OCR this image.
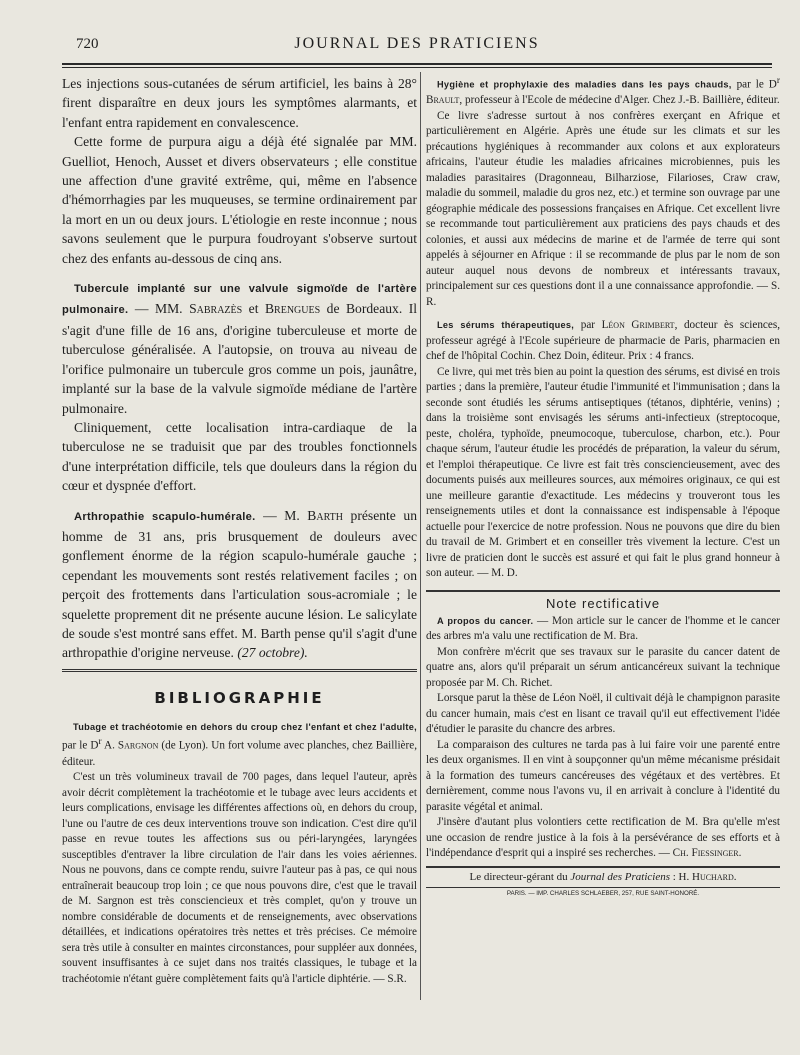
720	JOURNAL DES PRATICIENS

Les injections sous-cutanées de sérum artificiel, les bains à 28° firent disparaître en deux jours les symptômes alarmants, et l'enfant entra rapidement en convalescence.

Cette forme de purpura aigu a déjà été signalée par MM. Guelliot, Henoch, Ausset et divers observateurs ; elle constitue une affection d'une gravité extrême, qui, même en l'absence d'hémorrhagies par les muqueuses, se termine ordinairement par la mort en un ou deux jours. L'étiologie en reste inconnue ; nous savons seulement que le purpura foudroyant s'observe surtout chez des enfants au-dessous de cinq ans.

Tubercule implanté sur une valvule sigmoïde de l'artère pulmonaire. — MM. Sabrazès et Brengues de Bordeaux. Il s'agit d'une fille de 16 ans, d'origine tuberculeuse et morte de tuberculose généralisée. A l'autopsie, on trouva au niveau de l'orifice pulmonaire un tubercule gros comme un pois, jaunâtre, implanté sur la base de la valvule sigmoïde médiane de l'artère pulmonaire.

Cliniquement, cette localisation intra-cardiaque de la tuberculose ne se traduisit que par des troubles fonctionnels d'une interprétation difficile, tels que douleurs dans la région du cœur et dyspnée d'effort.

Arthropathie scapulo-humérale. — M. Barth présente un homme de 31 ans, pris brusquement de douleurs avec gonflement énorme de la région scapulo-humérale gauche ; cependant les mouvements sont restés relativement faciles ; on perçoit des frottements dans l'articulation sous-acromiale ; le squelette proprement dit ne présente aucune lésion. Le salicylate de soude s'est montré sans effet. M. Barth pense qu'il s'agit d'une arthropathie d'origine nerveuse. (27 octobre).

BIBLIOGRAPHIE

Tubage et trachéotomie en dehors du croup chez l'enfant et chez l'adulte, par le $D^r$ A. Sargnon (de Lyon). Un fort volume avec planches, chez Baillière, éditeur.

C'est un très volumineux travail de 700 pages, dans lequel l'auteur, après avoir décrit complètement la trachéotomie et le tubage avec leurs accidents et leurs complications, envisage les différentes affections où, en dehors du croup, l'une ou l'autre de ces deux interventions trouve son indication. C'est dire qu'il passe en revue toutes les affections sus ou péri-laryngées, laryngées susceptibles d'entraver la libre circulation de l'air dans les voies aériennes. Nous ne pouvons, dans ce compte rendu, suivre l'auteur pas à pas, ce qui nous entraînerait beaucoup trop loin ; ce que nous pouvons dire, c'est que le travail de M. Sargnon est très consciencieux et très complet, qu'on y trouve un nombre considérable de documents et de renseignements, avec observations détaillées, et indications opératoires très nettes et très précises. Ce mémoire sera très utile à consulter en maintes circonstances, pour suppléer aux données, souvent insuffisantes à ce sujet dans nos traités classiques, le tubage et la trachéotomie n'étant guère complètement faits qu'à l'article diphtérie. — S.R.

Hygiène et prophylaxie des maladies dans les pays chauds, par le $D^r$ Brault, professeur à l'Ecole de médecine d'Alger. Chez J.-B. Baillière, éditeur.

Ce livre s'adresse surtout à nos confrères exerçant en Afrique et particulièrement en Algérie. Après une étude sur les climats et sur les précautions hygiéniques à recommander aux colons et aux explorateurs africains, l'auteur étudie les maladies africaines microbiennes, puis les maladies parasitaires (Dragonneau, Bilharziose, Filarioses, Craw craw, maladie du sommeil, maladie du gros nez, etc.) et termine son ouvrage par une géographie médicale des possessions françaises en Afrique. Cet excellent livre se recommande tout particulièrement aux praticiens des pays chauds et des colonies, et aussi aux médecins de marine et de l'armée de terre qui sont appelés à séjourner en Afrique : il se recommande de plus par le nom de son auteur auquel nous devons de nombreux et intéressants travaux, principalement sur ces questions dont il a une connaissance approfondie. — S. R.

Les sérums thérapeutiques, par Léon Grimbert, docteur ès sciences, professeur agrégé à l'Ecole supérieure de pharmacie de Paris, pharmacien en chef de l'hôpital Cochin. Chez Doin, éditeur. Prix : 4 francs.

Ce livre, qui met très bien au point la question des sérums, est divisé en trois parties ; dans la première, l'auteur étudie l'immunité et l'immunisation ; dans la seconde sont étudiés les sérums antiseptiques (tétanos, diphtérie, venins) ; dans la troisième sont envisagés les sérums anti-infectieux (streptocoque, peste, choléra, typhoïde, pneumocoque, tuberculose, charbon, etc.). Pour chaque sérum, l'auteur étudie les procédés de préparation, la valeur du sérum, et l'emploi thérapeutique. Ce livre est fait très consciencieusement, avec des documents puisés aux meilleures sources, aux mémoires originaux, ce qui est une meilleure garantie d'exactitude. Les médecins y trouveront tous les renseignements utiles et dont la connaissance est indispensable à l'époque actuelle pour l'exercice de notre profession. Nous ne pouvons que dire du bien du travail de M. Grimbert et en conseiller très vivement la lecture. C'est un livre de praticien dont le succès est assuré et qui fait le plus grand honneur à son auteur. — M. D.

Note rectificative

A propos du cancer. — Mon article sur le cancer de l'homme et le cancer des arbres m'a valu une rectification de M. Bra.

Mon confrère m'écrit que ses travaux sur le parasite du cancer datent de quatre ans, alors qu'il préparait un sérum anticancéreux suivant la technique proposée par M. Ch. Richet.

Lorsque parut la thèse de Léon Noël, il cultivait déjà le champignon parasite du cancer humain, mais c'est en lisant ce travail qu'il eut effectivement l'idée d'étudier le parasite du chancre des arbres.

La comparaison des cultures ne tarda pas à lui faire voir une parenté entre les deux organismes. Il en vint à soupçonner qu'un même mécanisme présidait à la formation des tumeurs cancéreuses des végétaux et des vertèbres. Et dernièrement, comme nous l'avons vu, il en arrivait à conclure à l'identité du parasite végétal et animal.

J'insère d'autant plus volontiers cette rectification de M. Bra qu'elle m'est une occasion de rendre justice à la fois à la persévérance de ses efforts et à l'indépendance d'esprit qui a inspiré ses recherches. — Ch. Fiessinger.

Le directeur-gérant du Journal des Praticiens : H. Huchard.
PARIS. — IMP. CHARLES SCHLAEBER, 257, RUE SAINT-HONORÉ.
